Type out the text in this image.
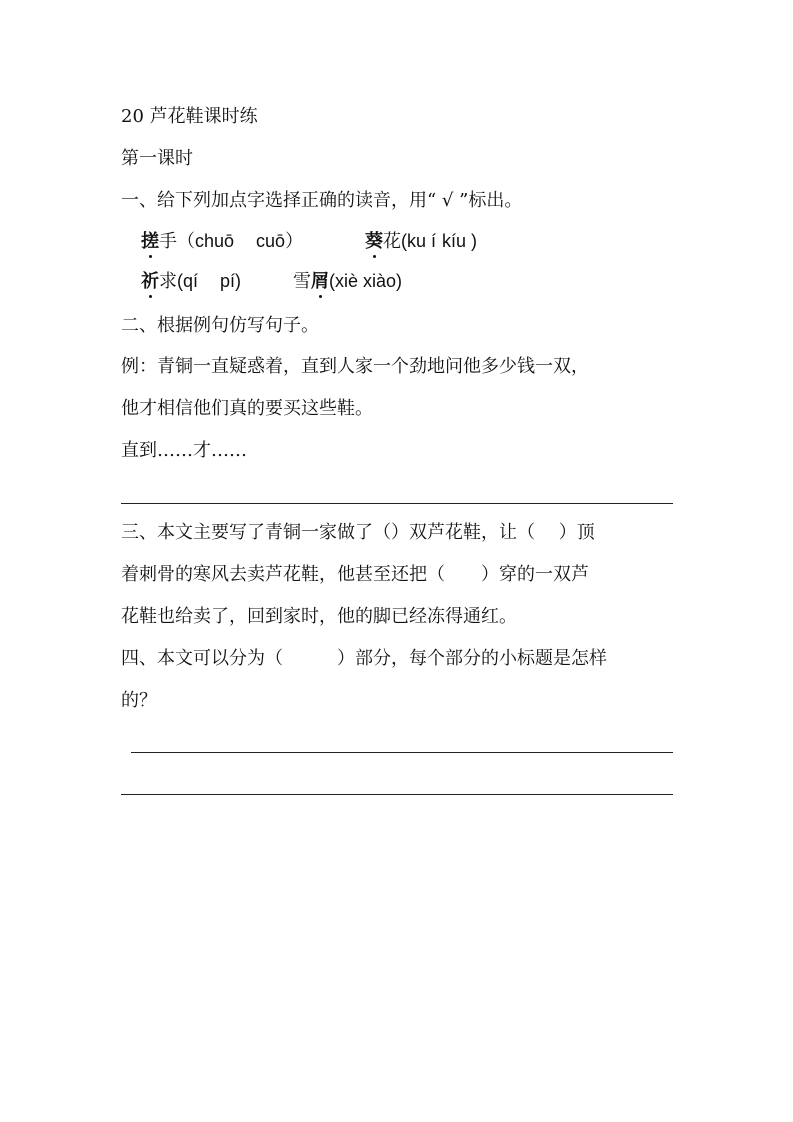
20 芦花鞋课时练
第一课时
一、给下列加点字选择正确的读音，用“ √ ”标出。
搓手（chuō cuō）	葵花(ku í kíu )
祈求(qí pí)	雪屑(xiè xiào)
二、根据例句仿写句子。
例：青铜一直疑惑着，直到人家一个劲地问他多少钱一双，
他才相信他们真的要买这些鞋。
直到……才……
三、本文主要写了青铜一家做了（）双芦花鞋，让（　 ）顶
着刺骨的寒风去卖芦花鞋，他甚至还把（　　）穿的一双芦
花鞋也给卖了，回到家时，他的脚已经冻得通红。
四、本文可以分为（　　　）部分，每个部分的小标题是怎样
的？
